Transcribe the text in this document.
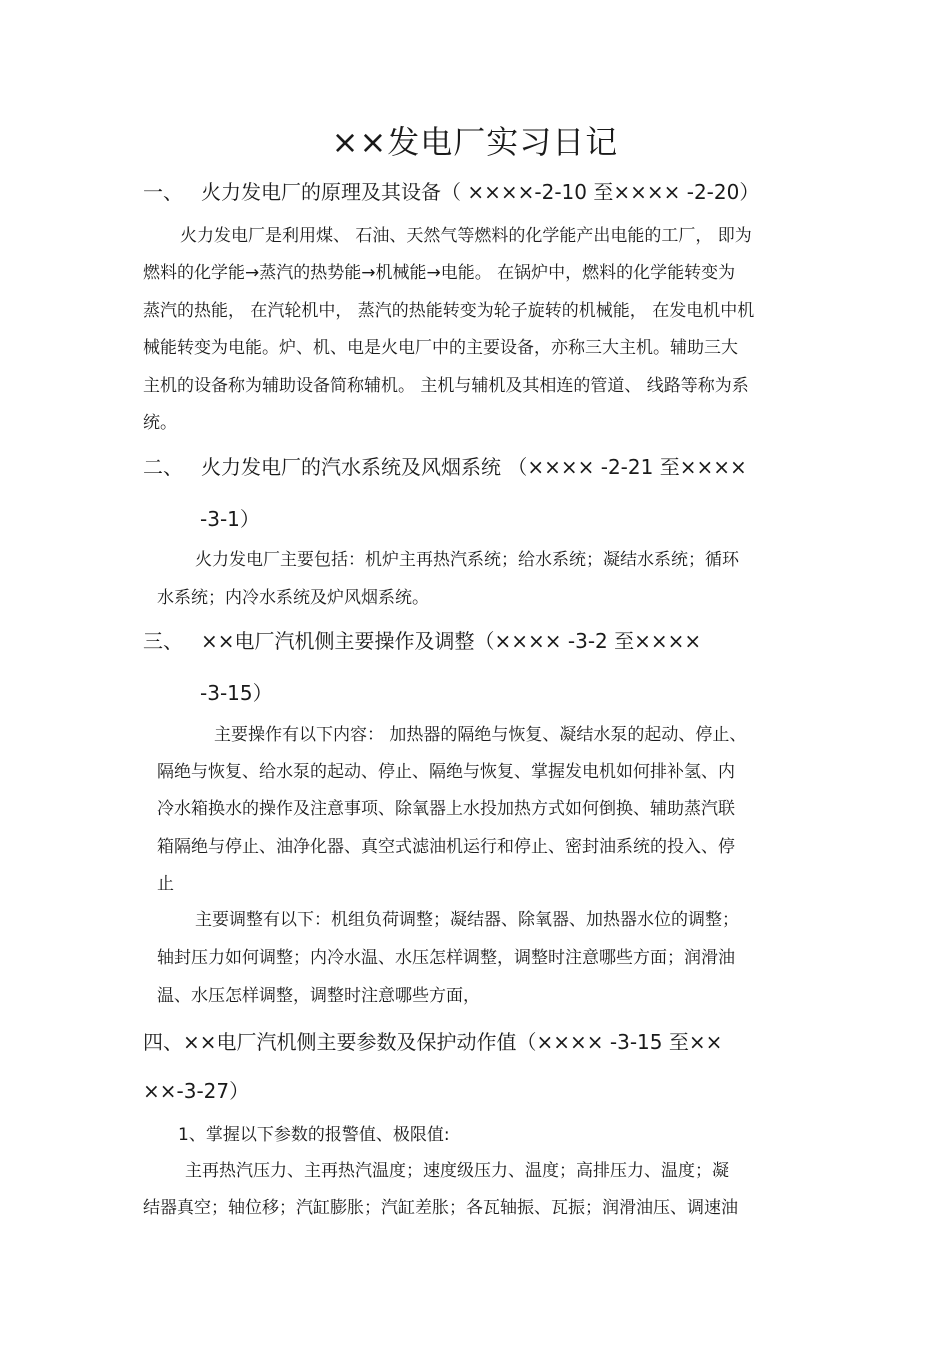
××发电厂实习日记
一、 火力发电厂的原理及其设备（ ××××-2-10 至×××× -2-20）

火力发电厂是利用煤、 石油、天然气等燃料的化学能产出电能的工厂， 即为

燃料的化学能→蒸汽的热势能→机械能→电能。 在锅炉中，燃料的化学能转变为

蒸汽的热能， 在汽轮机中， 蒸汽的热能转变为轮子旋转的机械能， 在发电机中机

械能转变为电能。炉、机、电是火电厂中的主要设备，亦称三大主机。辅助三大

主机的设备称为辅助设备简称辅机。 主机与辅机及其相连的管道、 线路等称为系

统。

二、 火力发电厂的汽水系统及风烟系统 （×××× -2-21 至××××
-3-1）

火力发电厂主要包括：机炉主再热汽系统；给水系统；凝结水系统；循环

水系统；内冷水系统及炉风烟系统。

三、 ××电厂汽机侧主要操作及调整（×××× -3-2 至××××
-3-15）

主要操作有以下内容： 加热器的隔绝与恢复、凝结水泵的起动、停止、

隔绝与恢复、给水泵的起动、停止、隔绝与恢复、掌握发电机如何排补氢、内

冷水箱换水的操作及注意事项、除氧器上水投加热方式如何倒换、辅助蒸汽联

箱隔绝与停止、油净化器、真空式滤油机运行和停止、密封油系统的投入、停

止

主要调整有以下：机组负荷调整；凝结器、除氧器、加热器水位的调整；

轴封压力如何调整；内冷水温、水压怎样调整，调整时注意哪些方面；润滑油

温、水压怎样调整，调整时注意哪些方面，

四、××电厂汽机侧主要参数及保护动作值（×××× -3-15 至××
××-3-27）

1、掌握以下参数的报警值、极限值:

主再热汽压力、主再热汽温度；速度级压力、温度；高排压力、温度；凝

结器真空；轴位移；汽缸膨胀；汽缸差胀；各瓦轴振、瓦振；润滑油压、调速油
